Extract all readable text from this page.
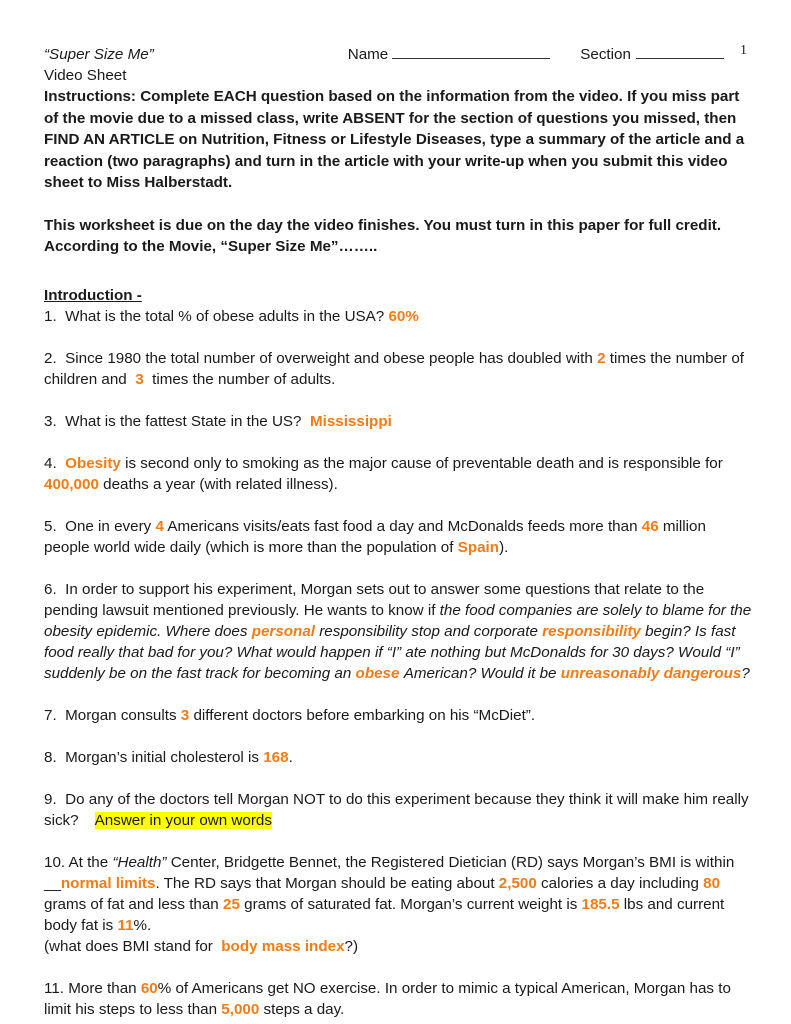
1
“Super Size Me”	Name	Section

Video Sheet

Instructions: Complete EACH question based on the information from the video. If you miss part of the movie due to a missed class, write ABSENT for the section of questions you missed, then FIND AN ARTICLE on Nutrition, Fitness or Lifestyle Diseases, type a summary of the article and a reaction (two paragraphs) and turn in the article with your write-up when you submit this video sheet to Miss Halberstadt.

This worksheet is due on the day the video finishes. You must turn in this paper for full credit.

According to the Movie, “Super Size Me”……..

Introduction -

1. What is the total % of obese adults in the USA? 60%

2. Since 1980 the total number of overweight and obese people has doubled with 2 times the number of children and 3 times the number of adults.

3. What is the fattest State in the US? Mississippi

4. Obesity is second only to smoking as the major cause of preventable death and is responsible for 400,000 deaths a year (with related illness).

5. One in every 4 Americans visits/eats fast food a day and McDonalds feeds more than 46 million people world wide daily (which is more than the population of Spain).

6. In order to support his experiment, Morgan sets out to answer some questions that relate to the pending lawsuit mentioned previously. He wants to know if the food companies are solely to blame for the obesity epidemic. Where does personal responsibility stop and corporate responsibility begin? Is fast food really that bad for you? What would happen if “I” ate nothing but McDonalds for 30 days? Would “I” suddenly be on the fast track for becoming an obese American? Would it be unreasonably dangerous?

7. Morgan consults 3 different doctors before embarking on his “McDiet”.

8. Morgan’s initial cholesterol is 168.

9. Do any of the doctors tell Morgan NOT to do this experiment because they think it will make him really sick? Answer in your own words

10. At the “Health” Center, Bridgette Bennet, the Registered Dietician (RD) says Morgan’s BMI is within __normal limits. The RD says that Morgan should be eating about 2,500 calories a day including 80 grams of fat and less than 25 grams of saturated fat. Morgan’s current weight is 185.5 lbs and current body fat is 11%.

(what does BMI stand for body mass index?)

11. More than 60% of Americans get NO exercise. In order to mimic a typical American, Morgan has to limit his steps to less than 5,000 steps a day.
